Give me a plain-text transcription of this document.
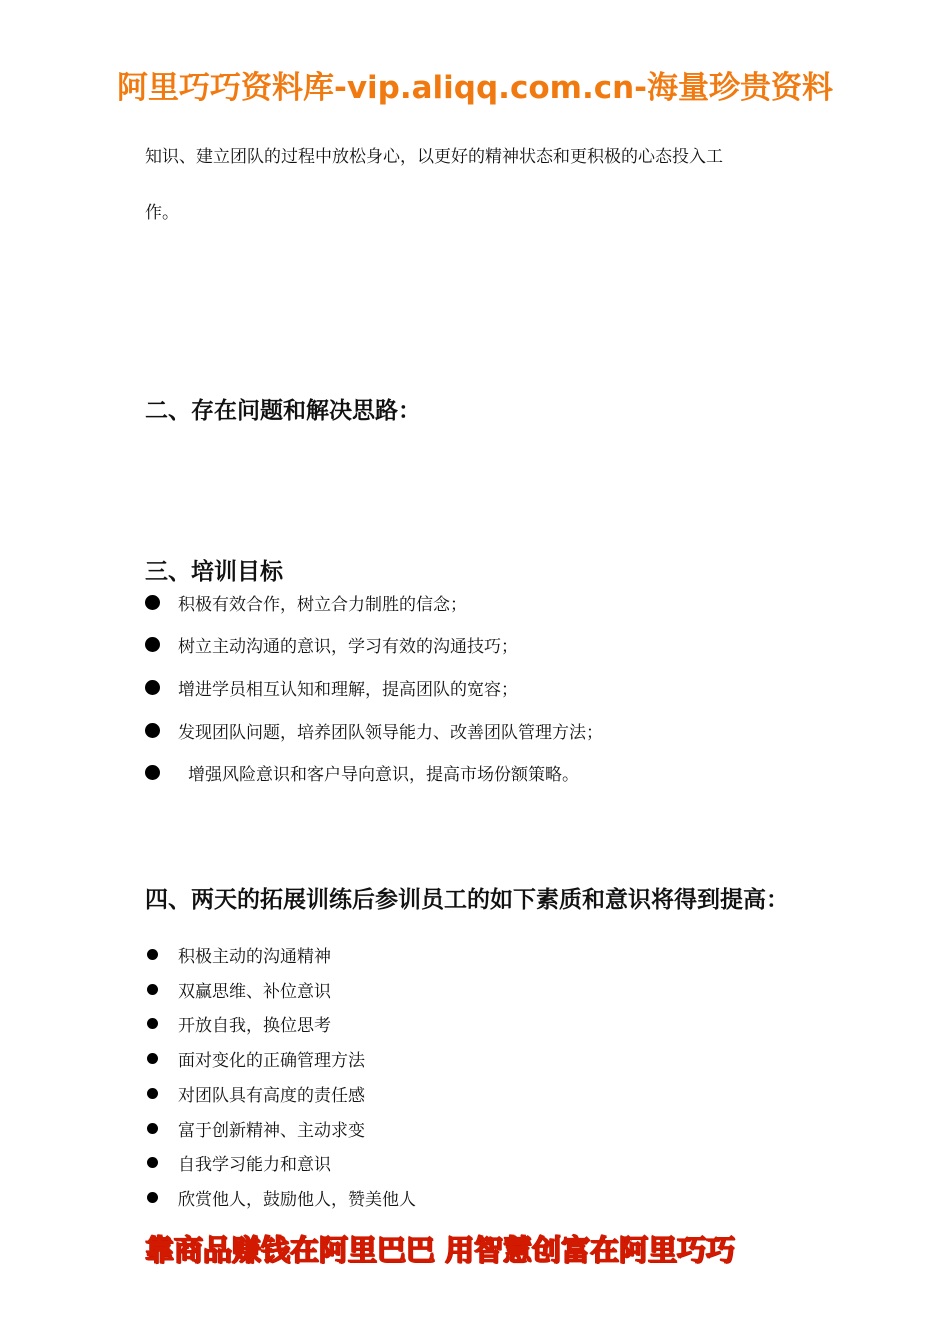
阿里巧巧资料库-vip.aliqq.com.cn-海量珍贵资料
知识、建立团队的过程中放松身心，以更好的精神状态和更积极的心态投入工
作。
二、存在问题和解决思路：
三、培训目标
积极有效合作，树立合力制胜的信念；
树立主动沟通的意识，学习有效的沟通技巧；
增进学员相互认知和理解，提高团队的宽容；
发现团队问题，培养团队领导能力、改善团队管理方法；
增强风险意识和客户导向意识，提高市场份额策略。
四、两天的拓展训练后参训员工的如下素质和意识将得到提高：
积极主动的沟通精神
双赢思维、补位意识
开放自我，换位思考
面对变化的正确管理方法
对团队具有高度的责任感
富于创新精神、主动求变
自我学习能力和意识
欣赏他人，鼓励他人，赞美他人
靠商品赚钱在阿里巴巴 用智慧创富在阿里巧巧
